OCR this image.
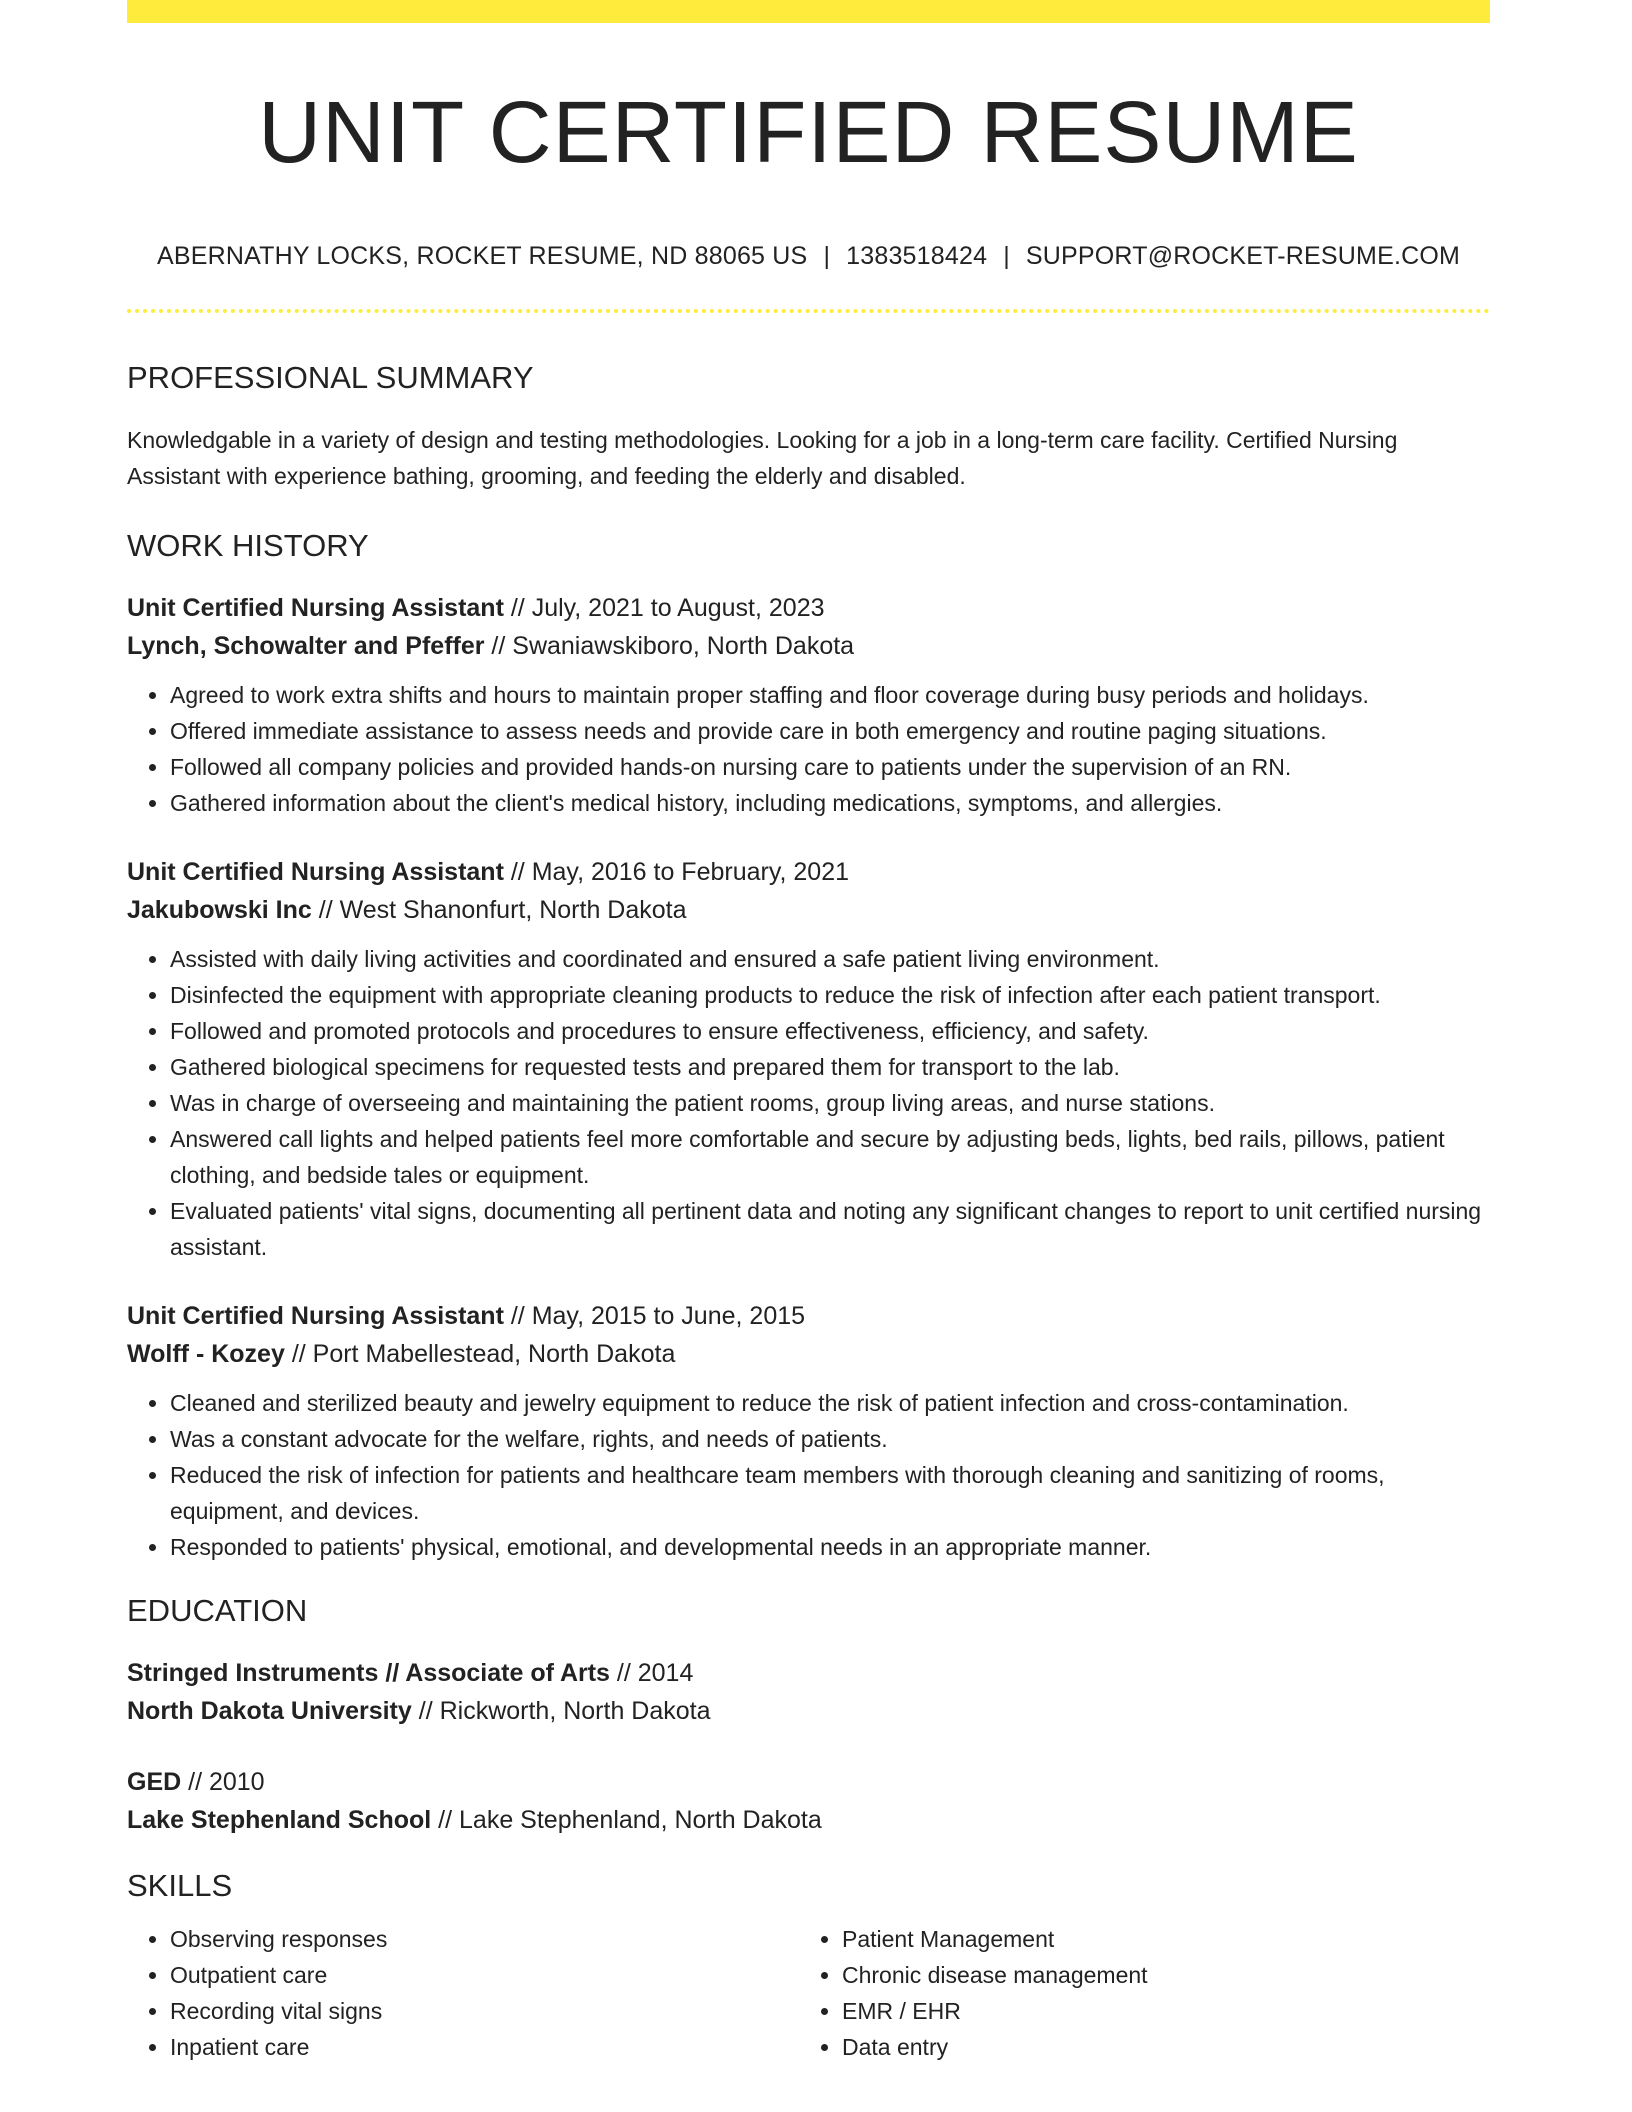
UNIT CERTIFIED RESUME
ABERNATHY LOCKS, ROCKET RESUME, ND 88065 US | 1383518424 | SUPPORT@ROCKET-RESUME.COM
PROFESSIONAL SUMMARY

Knowledgable in a variety of design and testing methodologies. Looking for a job in a long-term care facility. Certified Nursing Assistant with experience bathing, grooming, and feeding the elderly and disabled.

WORK HISTORY
Unit Certified Nursing Assistant // July, 2021 to August, 2023
Lynch, Schowalter and Pfeffer // Swaniawskiboro, North Dakota
• Agreed to work extra shifts and hours to maintain proper staffing and floor coverage during busy periods and holidays.
• Offered immediate assistance to assess needs and provide care in both emergency and routine paging situations.
• Followed all company policies and provided hands-on nursing care to patients under the supervision of an RN.
• Gathered information about the client's medical history, including medications, symptoms, and allergies.
Unit Certified Nursing Assistant // May, 2016 to February, 2021
Jakubowski Inc // West Shanonfurt, North Dakota
• Assisted with daily living activities and coordinated and ensured a safe patient living environment.
• Disinfected the equipment with appropriate cleaning products to reduce the risk of infection after each patient transport.
• Followed and promoted protocols and procedures to ensure effectiveness, efficiency, and safety.
• Gathered biological specimens for requested tests and prepared them for transport to the lab.
• Was in charge of overseeing and maintaining the patient rooms, group living areas, and nurse stations.
• Answered call lights and helped patients feel more comfortable and secure by adjusting beds, lights, bed rails, pillows, patient clothing, and bedside tales or equipment.
• Evaluated patients' vital signs, documenting all pertinent data and noting any significant changes to report to unit certified nursing assistant.
Unit Certified Nursing Assistant // May, 2015 to June, 2015
Wolff - Kozey // Port Mabellestead, North Dakota
• Cleaned and sterilized beauty and jewelry equipment to reduce the risk of patient infection and cross-contamination.
• Was a constant advocate for the welfare, rights, and needs of patients.
• Reduced the risk of infection for patients and healthcare team members with thorough cleaning and sanitizing of rooms, equipment, and devices.
• Responded to patients' physical, emotional, and developmental needs in an appropriate manner.
EDUCATION
Stringed Instruments // Associate of Arts // 2014
North Dakota University // Rickworth, North Dakota
GED // 2010
Lake Stephenland School // Lake Stephenland, North Dakota
SKILLS
• Observing responses
• Outpatient care
• Recording vital signs
• Inpatient care
• Patient Management
• Chronic disease management
• EMR / EHR
• Data entry
